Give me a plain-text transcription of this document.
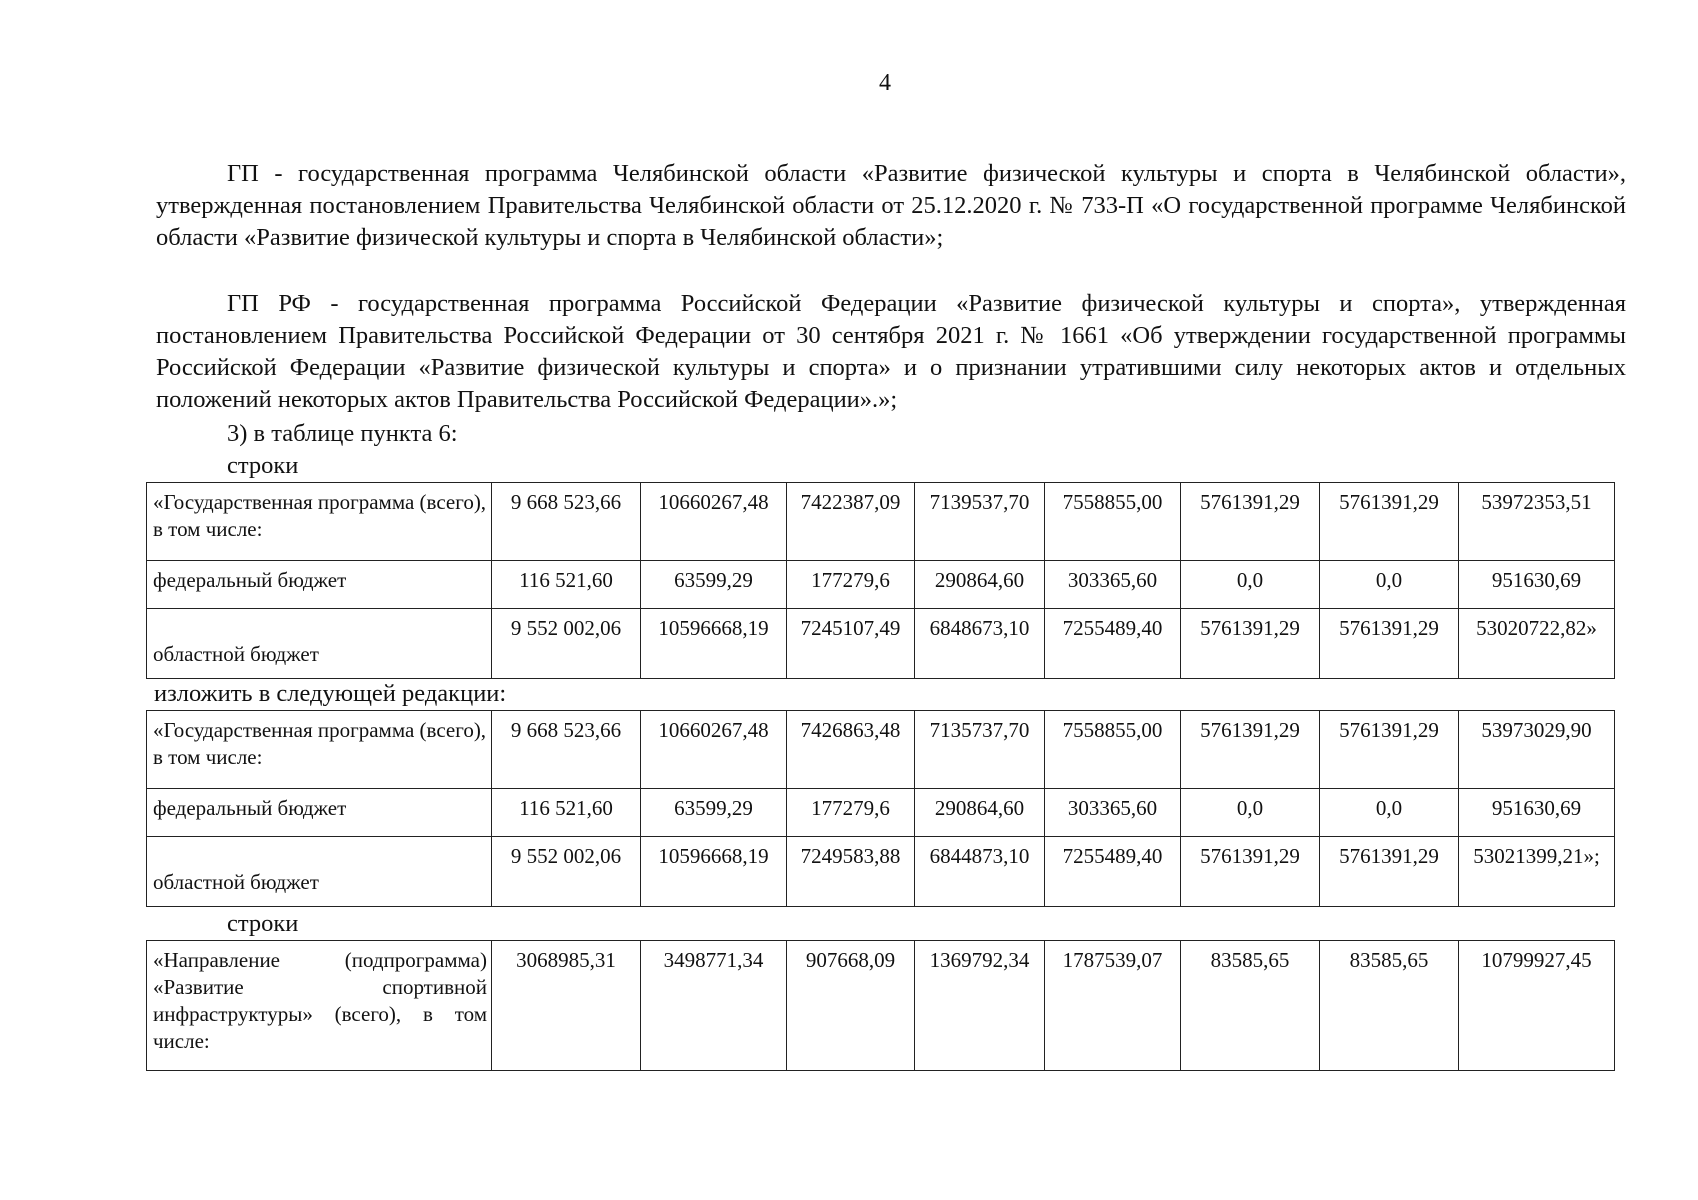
4
ГП - государственная программа Челябинской области «Развитие физической культуры и спорта в Челябинской области», утвержденная постановлением Правительства Челябинской области от 25.12.2020 г. № 733-П «О государственной программе Челябинской области «Развитие физической культуры и спорта в Челябинской области»;
ГП РФ - государственная программа Российской Федерации «Развитие физической культуры и спорта», утвержденная постановлением Правительства Российской Федерации от 30 сентября 2021 г. № 1661 «Об утверждении государственной программы Российской Федерации «Развитие физической культуры и спорта» и о признании утратившими силу некоторых актов и отдельных положений некоторых актов Правительства Российской Федерации».»;
3) в таблице пункта 6:
строки
«Государственная программа (всего), в том числе:	9 668 523,66	10660267,48	7422387,09	7139537,70	7558855,00	5761391,29	5761391,29	53972353,51
федеральный бюджет	116 521,60	63599,29	177279,6	290864,60	303365,60	0,0	0,0	951630,69
областной бюджет	9 552 002,06	10596668,19	7245107,49	6848673,10	7255489,40	5761391,29	5761391,29	53020722,82»
изложить в следующей редакции:
«Государственная программа (всего), в том числе:	9 668 523,66	10660267,48	7426863,48	7135737,70	7558855,00	5761391,29	5761391,29	53973029,90
федеральный бюджет	116 521,60	63599,29	177279,6	290864,60	303365,60	0,0	0,0	951630,69
областной бюджет	9 552 002,06	10596668,19	7249583,88	6844873,10	7255489,40	5761391,29	5761391,29	53021399,21»;
строки
«Направление (подпрограмма) «Развитие спортивной инфраструктуры» (всего), в том числе:	3068985,31	3498771,34	907668,09	1369792,34	1787539,07	83585,65	83585,65	10799927,45
